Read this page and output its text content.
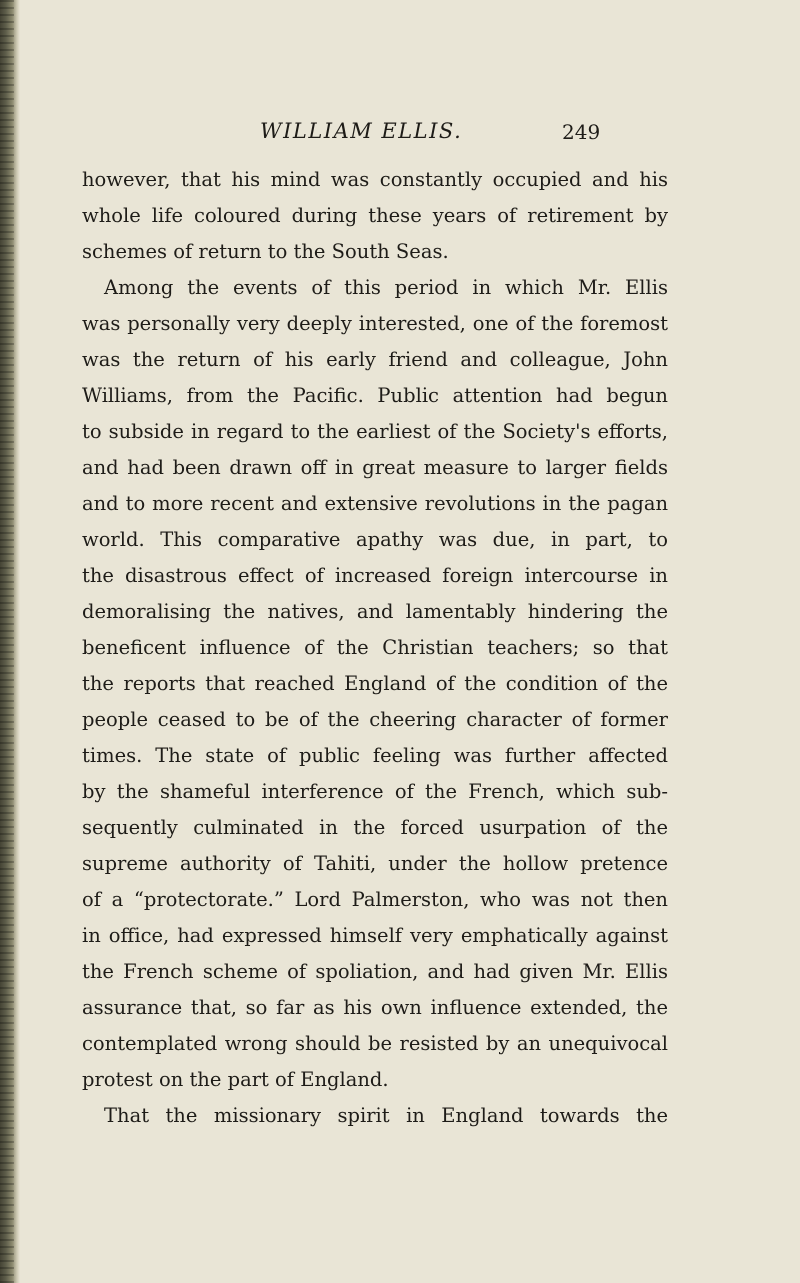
WILLIAM ELLIS.	249
however, that his mind was constantly occupied and his
whole life coloured during these years of retirement by
schemes of return to the South Seas.
Among the events of this period in which Mr. Ellis
was personally very deeply interested, one of the foremost
was the return of his early friend and colleague, John
Williams, from the Pacific. Public attention had begun
to subside in regard to the earliest of the Society's efforts,
and had been drawn off in great measure to larger fields
and to more recent and extensive revolutions in the pagan
world. This comparative apathy was due, in part, to
the disastrous effect of increased foreign intercourse in
demoralising the natives, and lamentably hindering the
beneficent influence of the Christian teachers; so that
the reports that reached England of the condition of the
people ceased to be of the cheering character of former
times. The state of public feeling was further affected
by the shameful interference of the French, which sub-
sequently culminated in the forced usurpation of the
supreme authority of Tahiti, under the hollow pretence
of a “protectorate.” Lord Palmerston, who was not then
in office, had expressed himself very emphatically against
the French scheme of spoliation, and had given Mr. Ellis
assurance that, so far as his own influence extended, the
contemplated wrong should be resisted by an unequivocal
protest on the part of England.
That the missionary spirit in England towards the
